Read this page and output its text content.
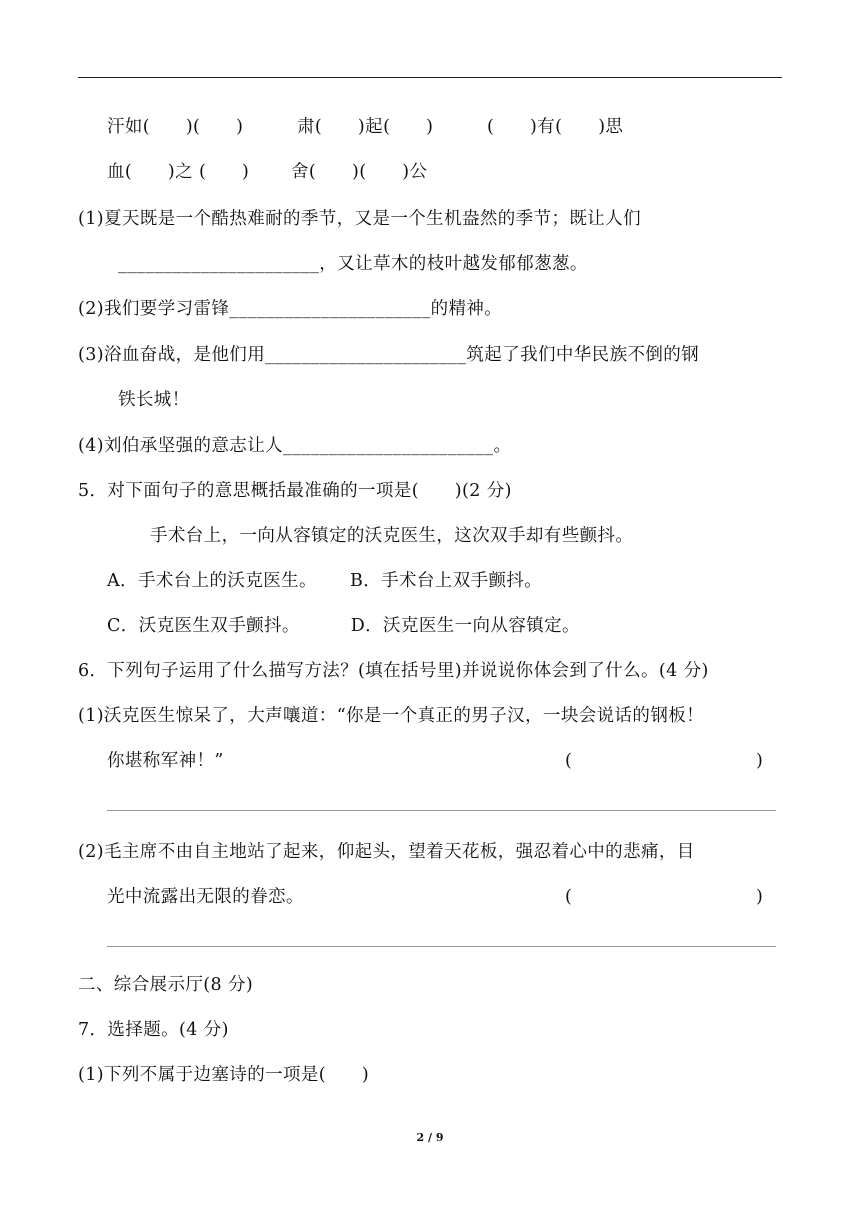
汗如(　　)(　　)　　　肃(　　)起(　　)　　　(　　)有(　　)思
血(　　)之 (　　)　　 舍(　　)(　　)公
(1)夏天既是一个酷热难耐的季节，又是一个生机盎然的季节；既让人们
______________________，又让草木的枝叶越发郁郁葱葱。
(2)我们要学习雷锋______________________的精神。
(3)浴血奋战，是他们用______________________筑起了我们中华民族不倒的钢
铁长城！
(4)刘伯承坚强的意志让人_______________________。
5．对下面句子的意思概括最准确的一项是(　　)(2 分)
手术台上，一向从容镇定的沃克医生，这次双手却有些颤抖。
A．手术台上的沃克医生。　　 B．手术台上双手颤抖。
C．沃克医生双手颤抖。　　　 D．沃克医生一向从容镇定。
6．下列句子运用了什么描写方法？(填在括号里)并说说你体会到了什么。(4 分)
(1)沃克医生惊呆了，大声嚷道：“你是一个真正的男子汉，一块会说话的钢板！
你堪称军神！”	(	)
(2)毛主席不由自主地站了起来，仰起头，望着天花板，强忍着心中的悲痛，目
光中流露出无限的眷恋。	(	)
二、综合展示厅(8 分)
7．选择题。(4 分)
(1)下列不属于边塞诗的一项是(　　)
2 / 9
